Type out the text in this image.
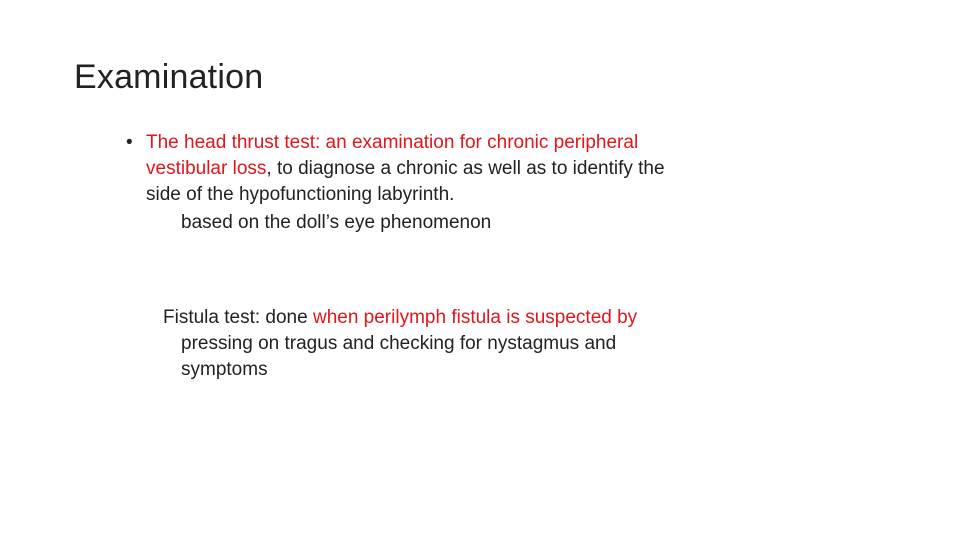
Examination
• The head thrust test: an examination for chronic peripheral
vestibular loss, to diagnose a chronic as well as to identify the
side of the hypofunctioning labyrinth.
based on the doll’s eye phenomenon
Fistula test: done when perilymph fistula is suspected by
pressing on tragus and checking for nystagmus and
symptoms
